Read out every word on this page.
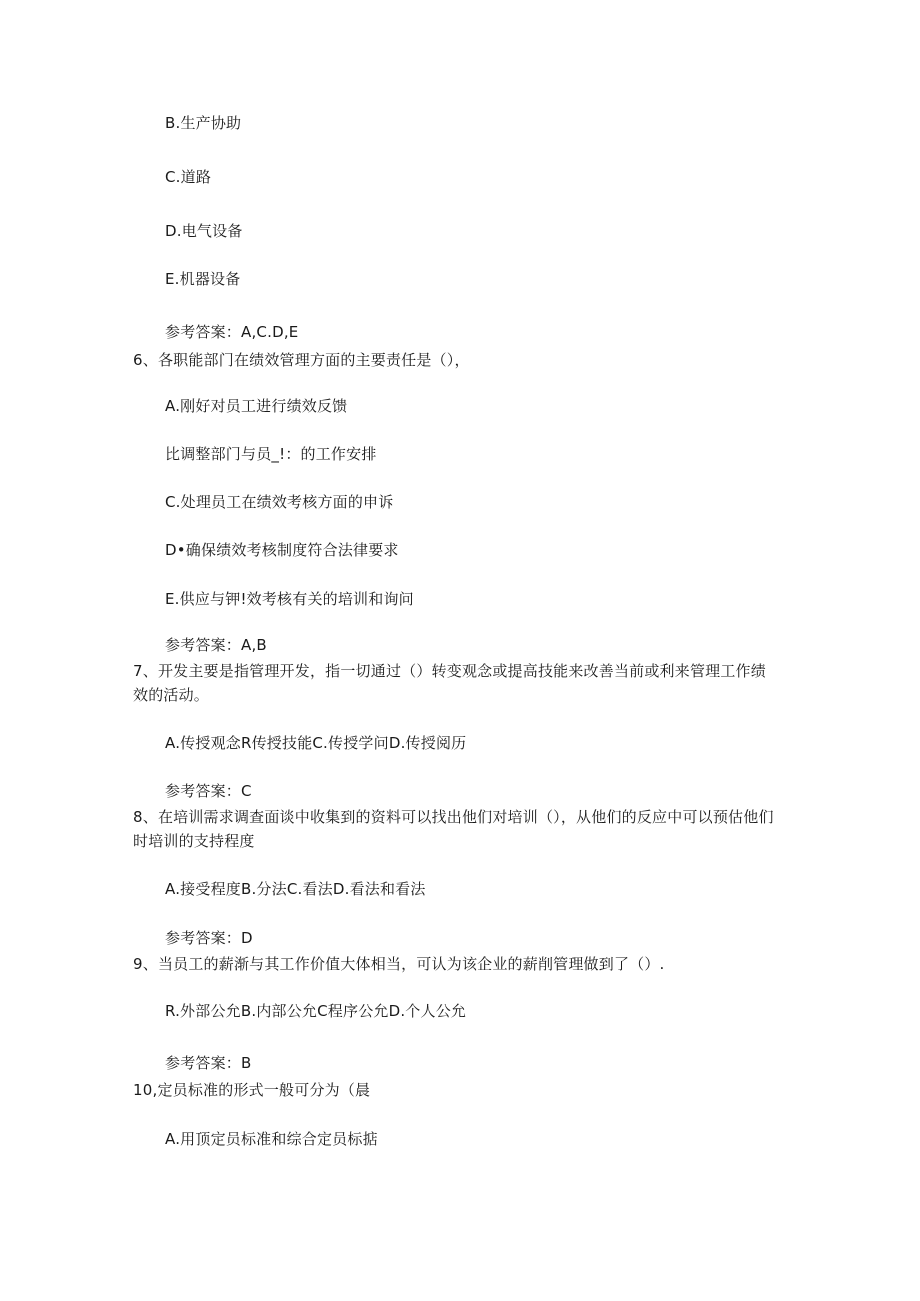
B.生产协助
C.道路
D.电气设备
E.机器设备
参考答案：A,C.D,E
6、各职能部门在绩效管理方面的主要责任是（），
A.刚好对员工进行绩效反馈
比调整部门与员_!：的工作安排
C.处理员工在绩效考核方面的申诉
D•确保绩效考核制度符合法律要求
E.供应与钾!效考核有关的培训和询问
参考答案：A,B
7、开发主要是指管理开发，指一切通过（）转变观念或提高技能来改善当前或利来管理工作绩
效的活动。
A.传授观念R传授技能C.传授学问D.传授阅历
参考答案：C
8、在培训需求调查面谈中收集到的资料可以找出他们对培训（），从他们的反应中可以预估他们
时培训的支持程度
A.接受程度B.分法C.看法D.看法和看法
参考答案：D
9、当员工的薪渐与其工作价值大体相当，可认为该企业的薪削管理做到了（）.
R.外部公允B.内部公允C程序公允D.个人公允
参考答案：B
10,定员标准的形式一般可分为（晨
A.用顶定员标准和综合定员标掂
